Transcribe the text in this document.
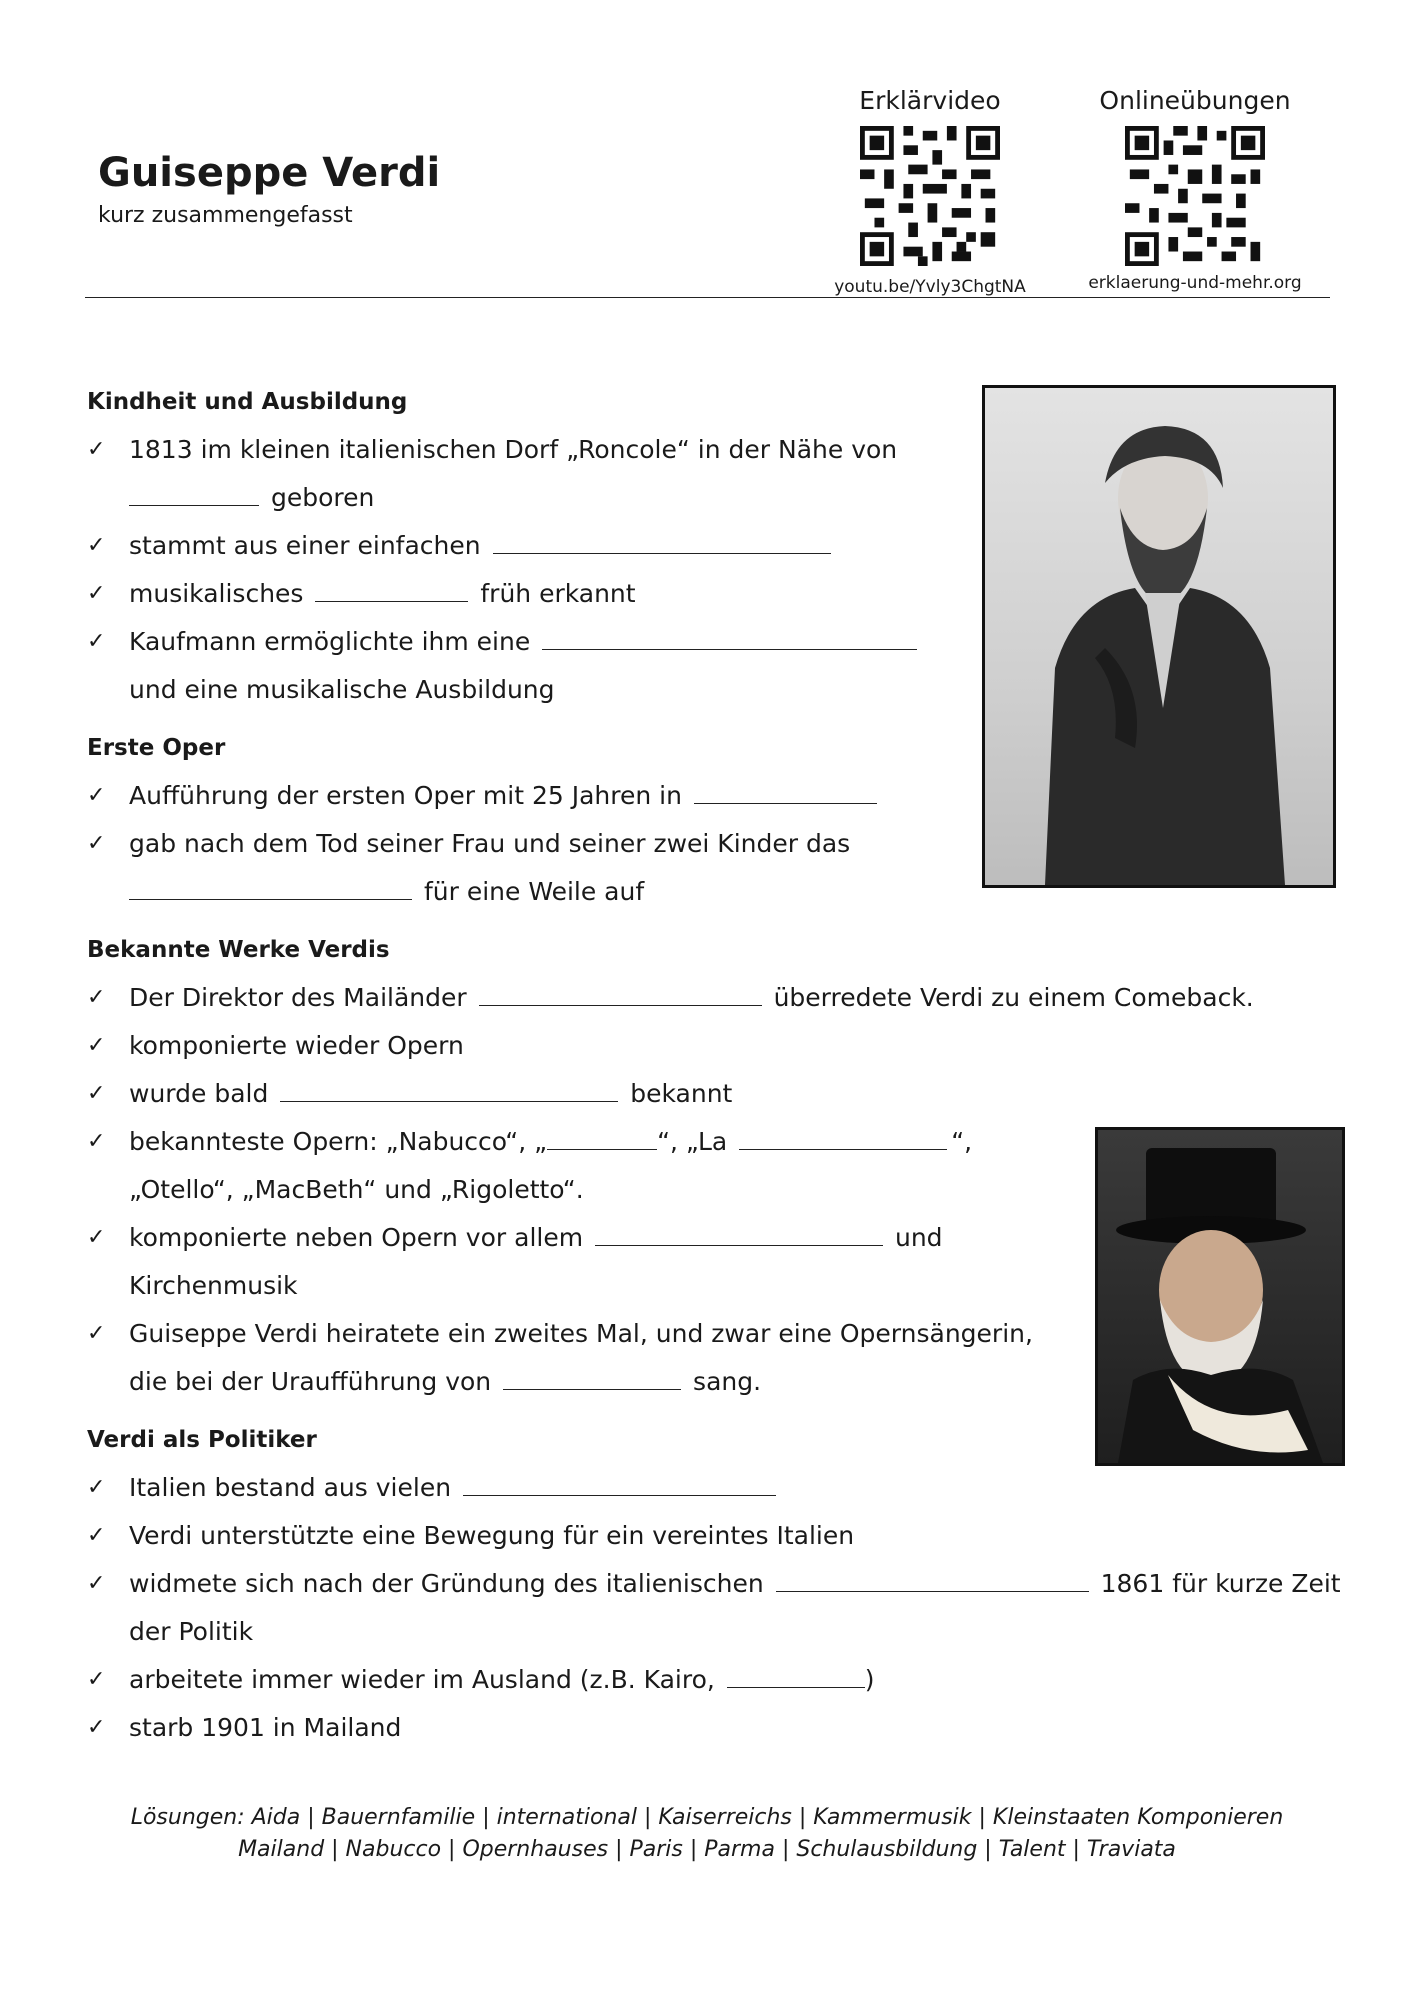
Guiseppe Verdi
kurz zusammengefasst
Erklärvideo
youtu.be/Yvly3ChgtNA
Onlineübungen
erklaerung-und-mehr.org
Kindheit und Ausbildung
✓ 1813 im kleinen italienischen Dorf „Roncole“ in der Nähe von
geboren
✓ stammt aus einer einfachen
✓ musikalisches	früh erkannt
✓ Kaufmann ermöglichte ihm eine
und eine musikalische Ausbildung
Erste Oper
✓ Aufführung der ersten Oper mit 25 Jahren in
✓ gab nach dem Tod seiner Frau und seiner zwei Kinder das
für eine Weile auf
Bekannte Werke Verdis
✓ Der Direktor des Mailänder	überredete Verdi zu einem Comeback.
✓ komponierte wieder Opern
✓ wurde bald	bekannt
✓ bekannteste Opern: „Nabucco“, „	“, „La	“,
„Otello“, „MacBeth“ und „Rigoletto“.
✓ komponierte neben Opern vor allem	und
Kirchenmusik
✓ Guiseppe Verdi heiratete ein zweites Mal, und zwar eine Opernsängerin,
die bei der Uraufführung von	sang.
Verdi als Politiker
✓ Italien bestand aus vielen
✓ Verdi unterstützte eine Bewegung für ein vereintes Italien
✓ widmete sich nach der Gründung des italienischen	1861 für kurze Zeit
der Politik
✓ arbeitete immer wieder im Ausland (z.B. Kairo,	)
✓ starb 1901 in Mailand
Lösungen: Aida | Bauernfamilie | international | Kaiserreichs | Kammermusik | Kleinstaaten Komponieren
Mailand | Nabucco | Opernhauses | Paris | Parma | Schulausbildung | Talent | Traviata
